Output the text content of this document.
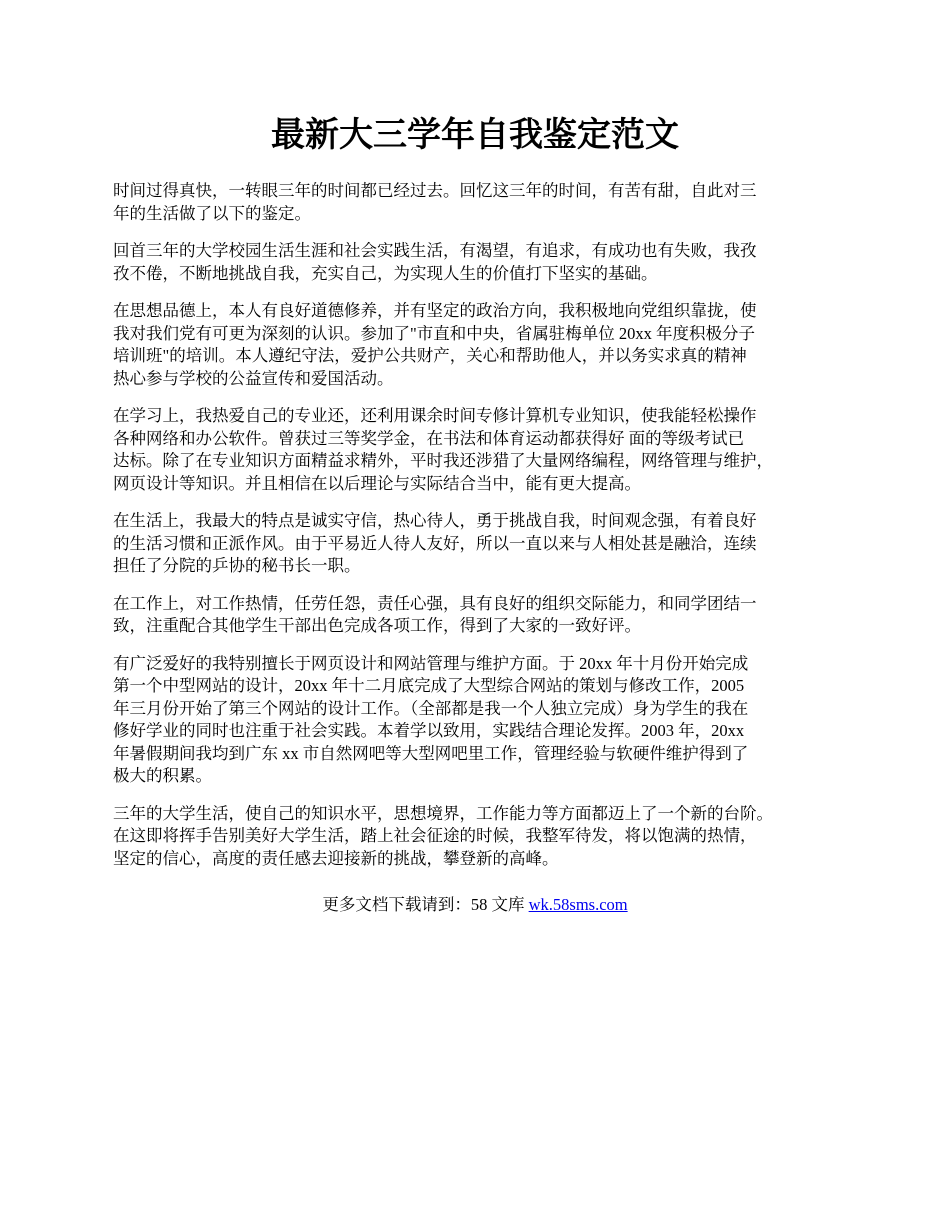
最新大三学年自我鉴定范文

时间过得真快，一转眼三年的时间都已经过去。回忆这三年的时间，有苦有甜，自此对三
年的生活做了以下的鉴定。

回首三年的大学校园生活生涯和社会实践生活，有渴望，有追求，有成功也有失败，我孜
孜不倦，不断地挑战自我，充实自己，为实现人生的价值打下坚实的基础。

在思想品德上，本人有良好道德修养，并有坚定的政治方向，我积极地向党组织靠拢，使
我对我们党有可更为深刻的认识。参加了"市直和中央，省属驻梅单位 20xx 年度积极分子
培训班"的培训。本人遵纪守法，爱护公共财产，关心和帮助他人，并以务实求真的精神
热心参与学校的公益宣传和爱国活动。

在学习上，我热爱自己的专业还，还利用课余时间专修计算机专业知识，使我能轻松操作
各种网络和办公软件。曾获过三等奖学金，在书法和体育运动都获得好 面的等级考试已
达标。除了在专业知识方面精益求精外，平时我还涉猎了大量网络编程，网络管理与维护，
网页设计等知识。并且相信在以后理论与实际结合当中，能有更大提高。

在生活上，我最大的特点是诚实守信，热心待人，勇于挑战自我，时间观念强，有着良好
的生活习惯和正派作风。由于平易近人待人友好，所以一直以来与人相处甚是融洽，连续
担任了分院的乒协的秘书长一职。

在工作上，对工作热情，任劳任怨，责任心强，具有良好的组织交际能力，和同学团结一
致，注重配合其他学生干部出色完成各项工作，得到了大家的一致好评。

有广泛爱好的我特别擅长于网页设计和网站管理与维护方面。于 20xx 年十月份开始完成
第一个中型网站的设计，20xx 年十二月底完成了大型综合网站的策划与修改工作，2005
年三月份开始了第三个网站的设计工作。（全部都是我一个人独立完成）身为学生的我在
修好学业的同时也注重于社会实践。本着学以致用，实践结合理论发挥。2003 年，20xx
年暑假期间我均到广东 xx 市自然网吧等大型网吧里工作，管理经验与软硬件维护得到了
极大的积累。

三年的大学生活，使自己的知识水平，思想境界，工作能力等方面都迈上了一个新的台阶。
在这即将挥手告别美好大学生活，踏上社会征途的时候，我整军待发，将以饱满的热情，
坚定的信心，高度的责任感去迎接新的挑战，攀登新的高峰。

更多文档下载请到：58 文库 wk.58sms.com
